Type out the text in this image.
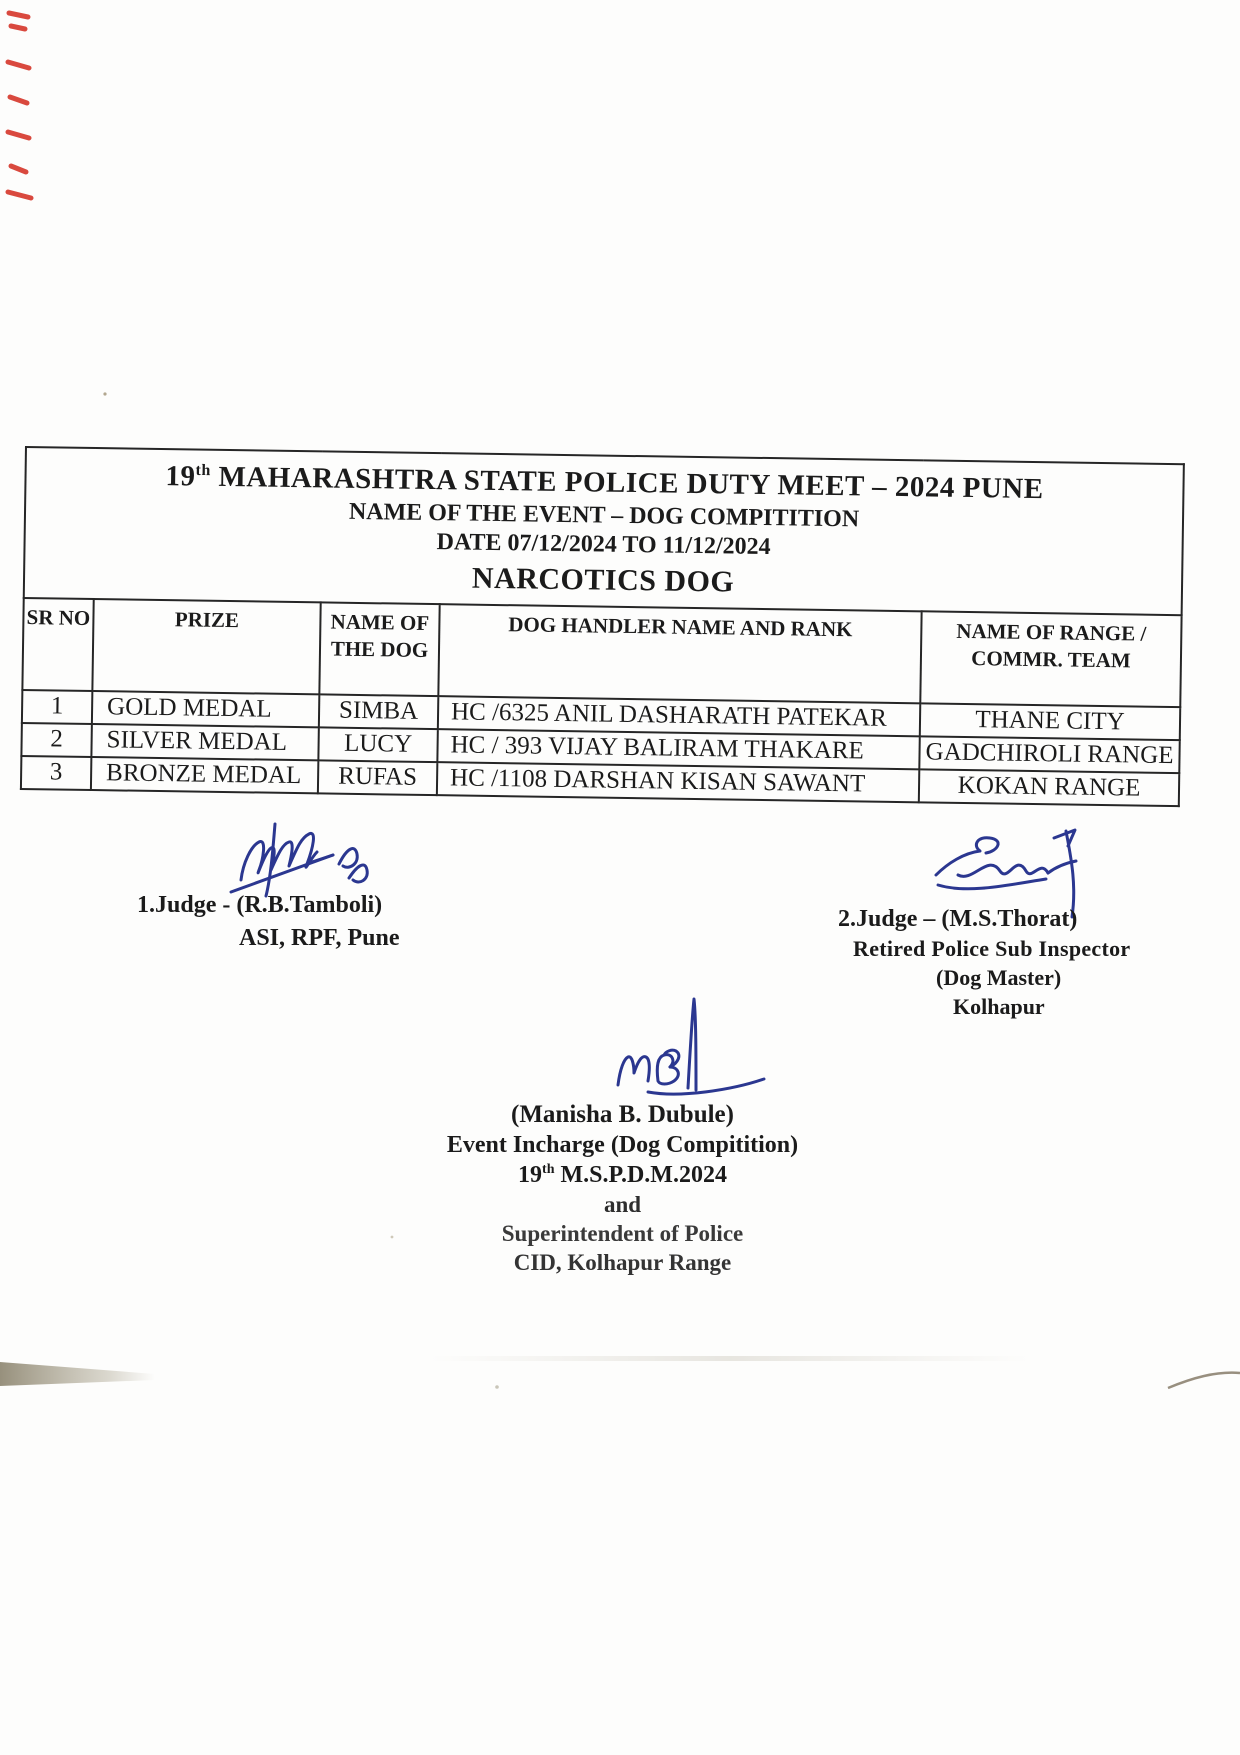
19th MAHARASHTRA STATE POLICE DUTY MEET – 2024 PUNE
NAME OF THE EVENT – DOG COMPITITION
DATE 07/12/2024 TO 11/12/2024
NARCOTICS DOG				

SR NO	PRIZE	NAME OF THE DOG	DOG HANDLER NAME AND RANK	NAME OF RANGE / COMMR. TEAM
1	GOLD MEDAL	SIMBA	HC /6325 ANIL DASHARATH PATEKAR	THANE CITY
2	SILVER MEDAL	LUCY	HC / 393 VIJAY BALIRAM THAKARE	GADCHIROLI RANGE
3	BRONZE MEDAL	RUFAS	HC /1108 DARSHAN KISAN SAWANT	KOKAN RANGE
1.Judge - (R.B.Tamboli)
ASI, RPF, Pune
2.Judge – (M.S.Thorat)
Retired Police Sub Inspector
(Dog Master)
Kolhapur
(Manisha B. Dubule)
Event Incharge (Dog Compitition)
19th M.S.P.D.M.2024
and
Superintendent of Police
CID, Kolhapur Range
